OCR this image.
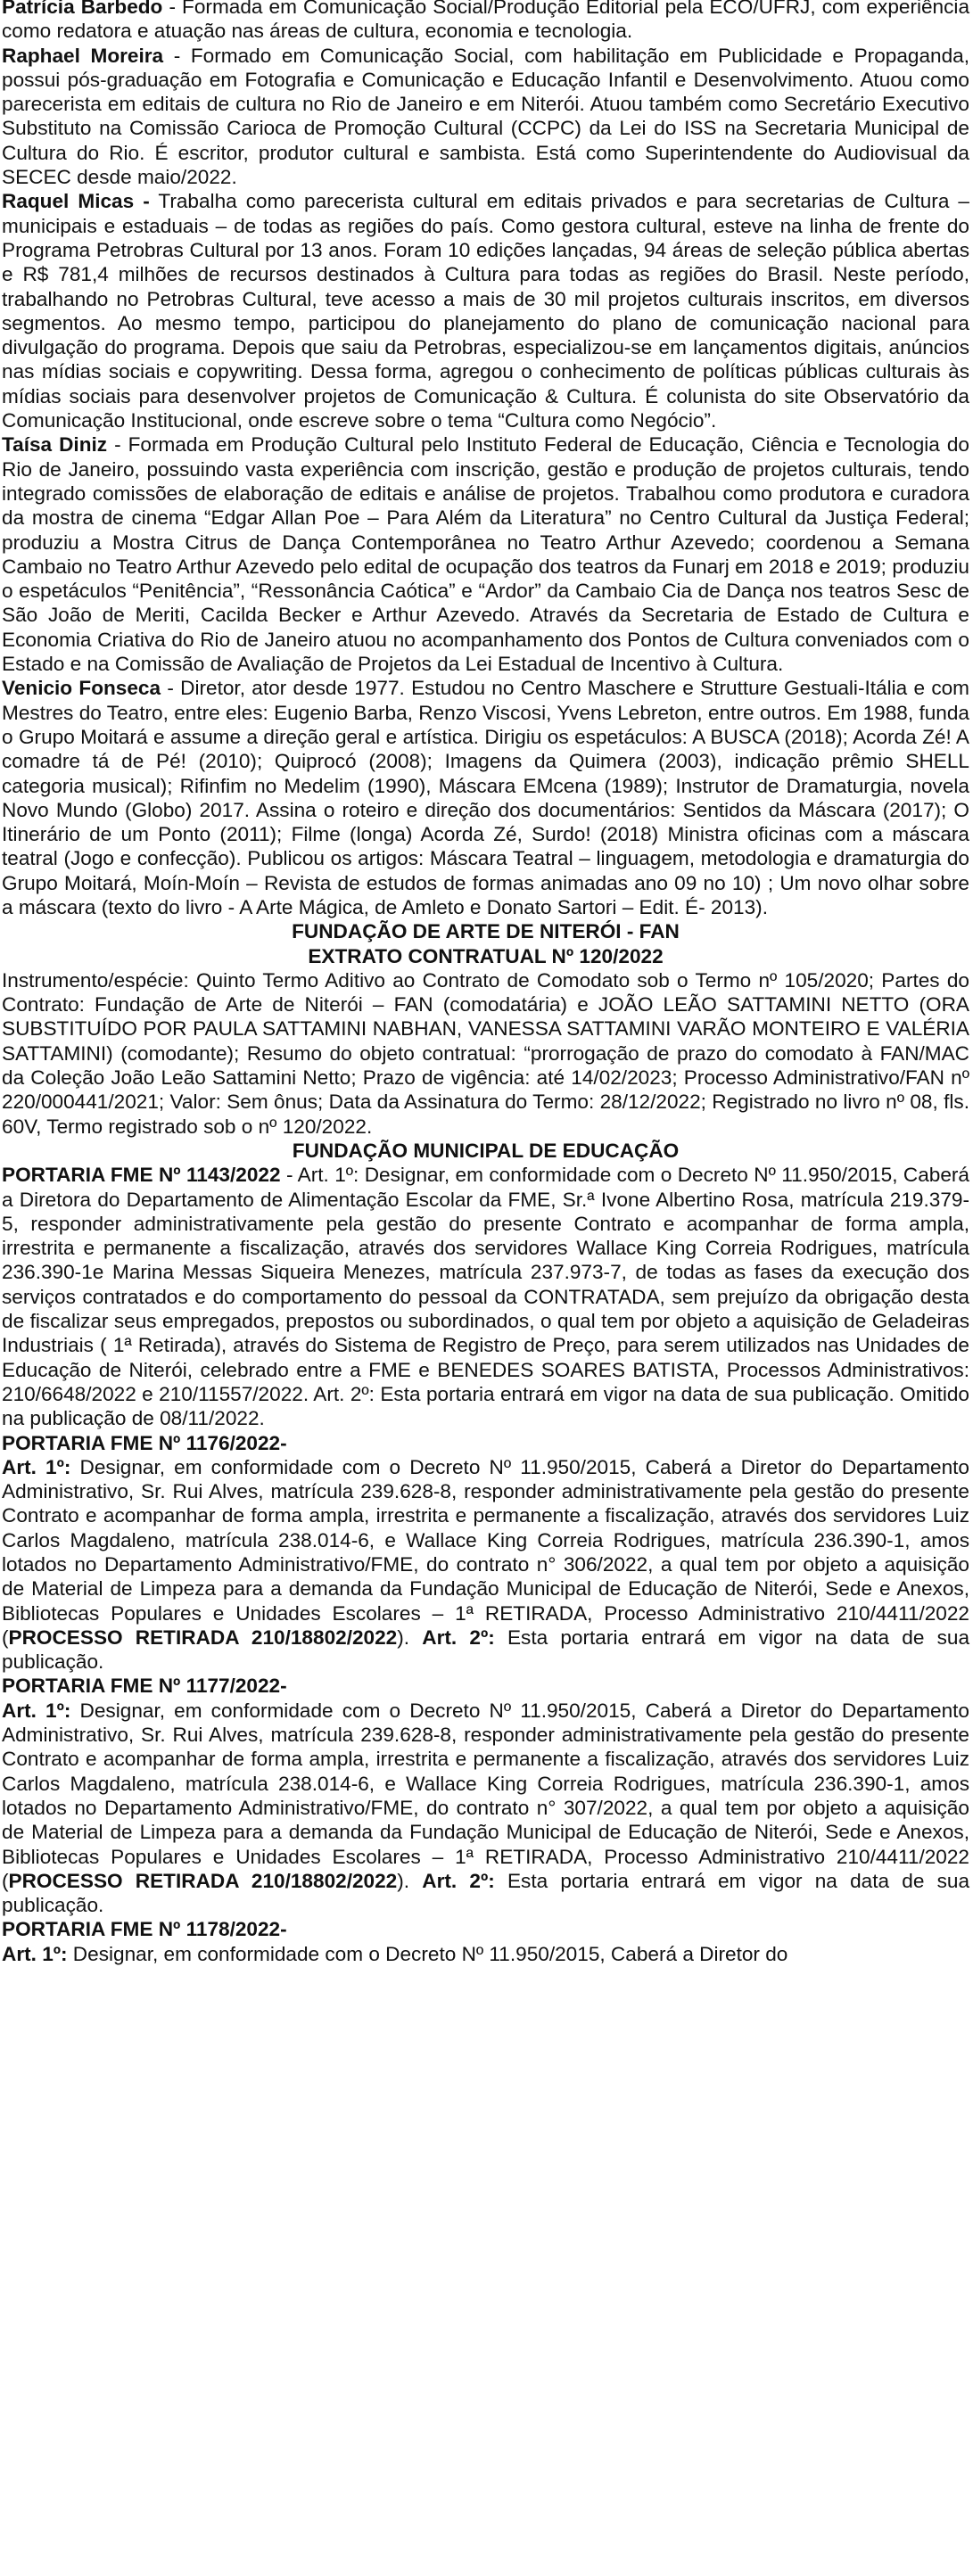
Patrícia Barbedo - Formada em Comunicação Social/Produção Editorial pela ECO/UFRJ, com experiência como redatora e atuação nas áreas de cultura, economia e tecnologia.

Raphael Moreira - Formado em Comunicação Social, com habilitação em Publicidade e Propaganda, possui pós-graduação em Fotografia e Comunicação e Educação Infantil e Desenvolvimento. Atuou como parecerista em editais de cultura no Rio de Janeiro e em Niterói. Atuou também como Secretário Executivo Substituto na Comissão Carioca de Promoção Cultural (CCPC) da Lei do ISS na Secretaria Municipal de Cultura do Rio. É escritor, produtor cultural e sambista. Está como Superintendente do Audiovisual da SECEC desde maio/2022.

Raquel Micas - Trabalha como parecerista cultural em editais privados e para secretarias de Cultura – municipais e estaduais – de todas as regiões do país. Como gestora cultural, esteve na linha de frente do Programa Petrobras Cultural por 13 anos. Foram 10 edições lançadas, 94 áreas de seleção pública abertas e R$ 781,4 milhões de recursos destinados à Cultura para todas as regiões do Brasil. Neste período, trabalhando no Petrobras Cultural, teve acesso a mais de 30 mil projetos culturais inscritos, em diversos segmentos. Ao mesmo tempo, participou do planejamento do plano de comunicação nacional para divulgação do programa. Depois que saiu da Petrobras, especializou-se em lançamentos digitais, anúncios nas mídias sociais e copywriting. Dessa forma, agregou o conhecimento de políticas públicas culturais às mídias sociais para desenvolver projetos de Comunicação & Cultura. É colunista do site Observatório da Comunicação Institucional, onde escreve sobre o tema “Cultura como Negócio”.

Taísa Diniz - Formada em Produção Cultural pelo Instituto Federal de Educação, Ciência e Tecnologia do Rio de Janeiro, possuindo vasta experiência com inscrição, gestão e produção de projetos culturais, tendo integrado comissões de elaboração de editais e análise de projetos. Trabalhou como produtora e curadora da mostra de cinema “Edgar Allan Poe – Para Além da Literatura” no Centro Cultural da Justiça Federal; produziu a Mostra Citrus de Dança Contemporânea no Teatro Arthur Azevedo; coordenou a Semana Cambaio no Teatro Arthur Azevedo pelo edital de ocupação dos teatros da Funarj em 2018 e 2019; produziu o espetáculos “Penitência”, “Ressonância Caótica” e “Ardor” da Cambaio Cia de Dança nos teatros Sesc de São João de Meriti, Cacilda Becker e Arthur Azevedo. Através da Secretaria de Estado de Cultura e Economia Criativa do Rio de Janeiro atuou no acompanhamento dos Pontos de Cultura conveniados com o Estado e na Comissão de Avaliação de Projetos da Lei Estadual de Incentivo à Cultura.

Venicio Fonseca - Diretor, ator desde 1977. Estudou no Centro Maschere e Strutture Gestuali-Itália e com Mestres do Teatro, entre eles: Eugenio Barba, Renzo Viscosi, Yvens Lebreton, entre outros. Em 1988, funda o Grupo Moitará e assume a direção geral e artística. Dirigiu os espetáculos: A BUSCA (2018); Acorda Zé! A comadre tá de Pé! (2010); Quiprocó (2008); Imagens da Quimera (2003), indicação prêmio SHELL categoria musical); Rifinfim no Medelim (1990), Máscara EMcena (1989); Instrutor de Dramaturgia, novela Novo Mundo (Globo) 2017. Assina o roteiro e direção dos documentários: Sentidos da Máscara (2017); O Itinerário de um Ponto (2011); Filme (longa) Acorda Zé, Surdo! (2018) Ministra oficinas com a máscara teatral (Jogo e confecção). Publicou os artigos: Máscara Teatral – linguagem, metodologia e dramaturgia do Grupo Moitará, Moín-Moín – Revista de estudos de formas animadas ano 09 no 10) ; Um novo olhar sobre a máscara (texto do livro - A Arte Mágica, de Amleto e Donato Sartori – Edit. É- 2013).

FUNDAÇÃO DE ARTE DE NITERÓI - FAN

EXTRATO CONTRATUAL Nº 120/2022

Instrumento/espécie: Quinto Termo Aditivo ao Contrato de Comodato sob o Termo nº 105/2020; Partes do Contrato: Fundação de Arte de Niterói – FAN (comodatária) e JOÃO LEÃO SATTAMINI NETTO (ORA SUBSTITUÍDO POR PAULA SATTAMINI NABHAN, VANESSA SATTAMINI VARÃO MONTEIRO E VALÉRIA SATTAMINI) (comodante); Resumo do objeto contratual: “prorrogação de prazo do comodato à FAN/MAC da Coleção João Leão Sattamini Netto; Prazo de vigência: até 14/02/2023; Processo Administrativo/FAN nº 220/000441/2021; Valor: Sem ônus; Data da Assinatura do Termo: 28/12/2022; Registrado no livro nº 08, fls. 60V, Termo registrado sob o nº 120/2022.

FUNDAÇÃO MUNICIPAL DE EDUCAÇÃO

PORTARIA FME Nº 1143/2022 - Art. 1º: Designar, em conformidade com o Decreto Nº 11.950/2015, Caberá a Diretora do Departamento de Alimentação Escolar da FME, Sr.ª Ivone Albertino Rosa, matrícula 219.379-5, responder administrativamente pela gestão do presente Contrato e acompanhar de forma ampla, irrestrita e permanente a fiscalização, através dos servidores Wallace King Correia Rodrigues, matrícula 236.390-1e Marina Messas Siqueira Menezes, matrícula 237.973-7, de todas as fases da execução dos serviços contratados e do comportamento do pessoal da CONTRATADA, sem prejuízo da obrigação desta de fiscalizar seus empregados, prepostos ou subordinados, o qual tem por objeto a aquisição de Geladeiras Industriais ( 1ª Retirada), através do Sistema de Registro de Preço, para serem utilizados nas Unidades de Educação de Niterói, celebrado entre a FME e BENEDES SOARES BATISTA, Processos Administrativos: 210/6648/2022 e 210/11557/2022. Art. 2º: Esta portaria entrará em vigor na data de sua publicação. Omitido na publicação de 08/11/2022.

PORTARIA FME Nº 1176/2022-

Art. 1º: Designar, em conformidade com o Decreto Nº 11.950/2015, Caberá a Diretor do Departamento Administrativo, Sr. Rui Alves, matrícula 239.628-8, responder administrativamente pela gestão do presente Contrato e acompanhar de forma ampla, irrestrita e permanente a fiscalização, através dos servidores Luiz Carlos Magdaleno, matrícula 238.014-6, e Wallace King Correia Rodrigues, matrícula 236.390-1, amos lotados no Departamento Administrativo/FME, do contrato n° 306/2022, a qual tem por objeto a aquisição de Material de Limpeza para a demanda da Fundação Municipal de Educação de Niterói, Sede e Anexos, Bibliotecas Populares e Unidades Escolares – 1ª RETIRADA, Processo Administrativo 210/4411/2022 (PROCESSO RETIRADA 210/18802/2022). Art. 2º: Esta portaria entrará em vigor na data de sua publicação.

PORTARIA FME Nº 1177/2022-

Art. 1º: Designar, em conformidade com o Decreto Nº 11.950/2015, Caberá a Diretor do Departamento Administrativo, Sr. Rui Alves, matrícula 239.628-8, responder administrativamente pela gestão do presente Contrato e acompanhar de forma ampla, irrestrita e permanente a fiscalização, através dos servidores Luiz Carlos Magdaleno, matrícula 238.014-6, e Wallace King Correia Rodrigues, matrícula 236.390-1, amos lotados no Departamento Administrativo/FME, do contrato n° 307/2022, a qual tem por objeto a aquisição de Material de Limpeza para a demanda da Fundação Municipal de Educação de Niterói, Sede e Anexos, Bibliotecas Populares e Unidades Escolares – 1ª RETIRADA, Processo Administrativo 210/4411/2022 (PROCESSO RETIRADA 210/18802/2022). Art. 2º: Esta portaria entrará em vigor na data de sua publicação.

PORTARIA FME Nº 1178/2022-

Art. 1º: Designar, em conformidade com o Decreto Nº 11.950/2015, Caberá a Diretor do
